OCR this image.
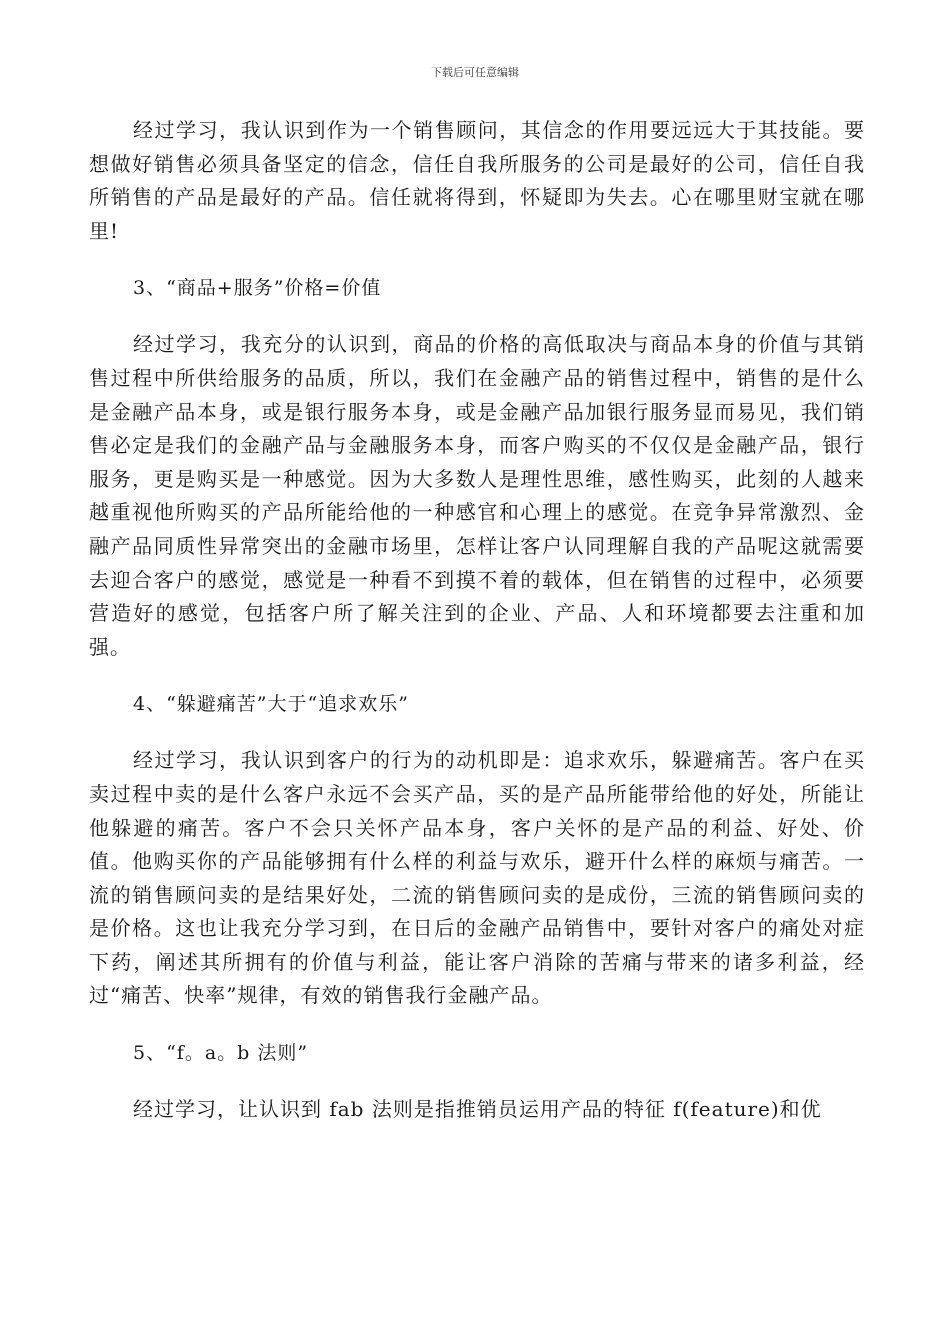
下载后可任意编辑

经过学习，我认识到作为一个销售顾问，其信念的作用要远远大于其技能。要想做好销售必须具备坚定的信念，信任自我所服务的公司是最好的公司，信任自我所销售的产品是最好的产品。信任就将得到，怀疑即为失去。心在哪里财宝就在哪里!

3、“商品+服务”价格=价值

经过学习，我充分的认识到，商品的价格的高低取决与商品本身的价值与其销售过程中所供给服务的品质，所以，我们在金融产品的销售过程中，销售的是什么是金融产品本身，或是银行服务本身，或是金融产品加银行服务显而易见，我们销售必定是我们的金融产品与金融服务本身，而客户购买的不仅仅是金融产品，银行服务，更是购买是一种感觉。因为大多数人是理性思维，感性购买，此刻的人越来越重视他所购买的产品所能给他的一种感官和心理上的感觉。在竞争异常激烈、金融产品同质性异常突出的金融市场里，怎样让客户认同理解自我的产品呢这就需要去迎合客户的感觉，感觉是一种看不到摸不着的载体，但在销售的过程中，必须要营造好的感觉，包括客户所了解关注到的企业、产品、人和环境都要去注重和加强。

4、“躲避痛苦”大于“追求欢乐”

经过学习，我认识到客户的行为的动机即是：追求欢乐，躲避痛苦。客户在买卖过程中卖的是什么客户永远不会买产品，买的是产品所能带给他的好处，所能让他躲避的痛苦。客户不会只关怀产品本身，客户关怀的是产品的利益、好处、价值。他购买你的产品能够拥有什么样的利益与欢乐，避开什么样的麻烦与痛苦。一流的销售顾问卖的是结果好处，二流的销售顾问卖的是成份，三流的销售顾问卖的是价格。这也让我充分学习到，在日后的金融产品销售中，要针对客户的痛处对症下药，阐述其所拥有的价值与利益，能让客户消除的苦痛与带来的诸多利益，经过“痛苦、快率”规律，有效的销售我行金融产品。

5、“f。a。b 法则”

经过学习，让认识到 fab 法则是指推销员运用产品的特征 f(feature)和优
